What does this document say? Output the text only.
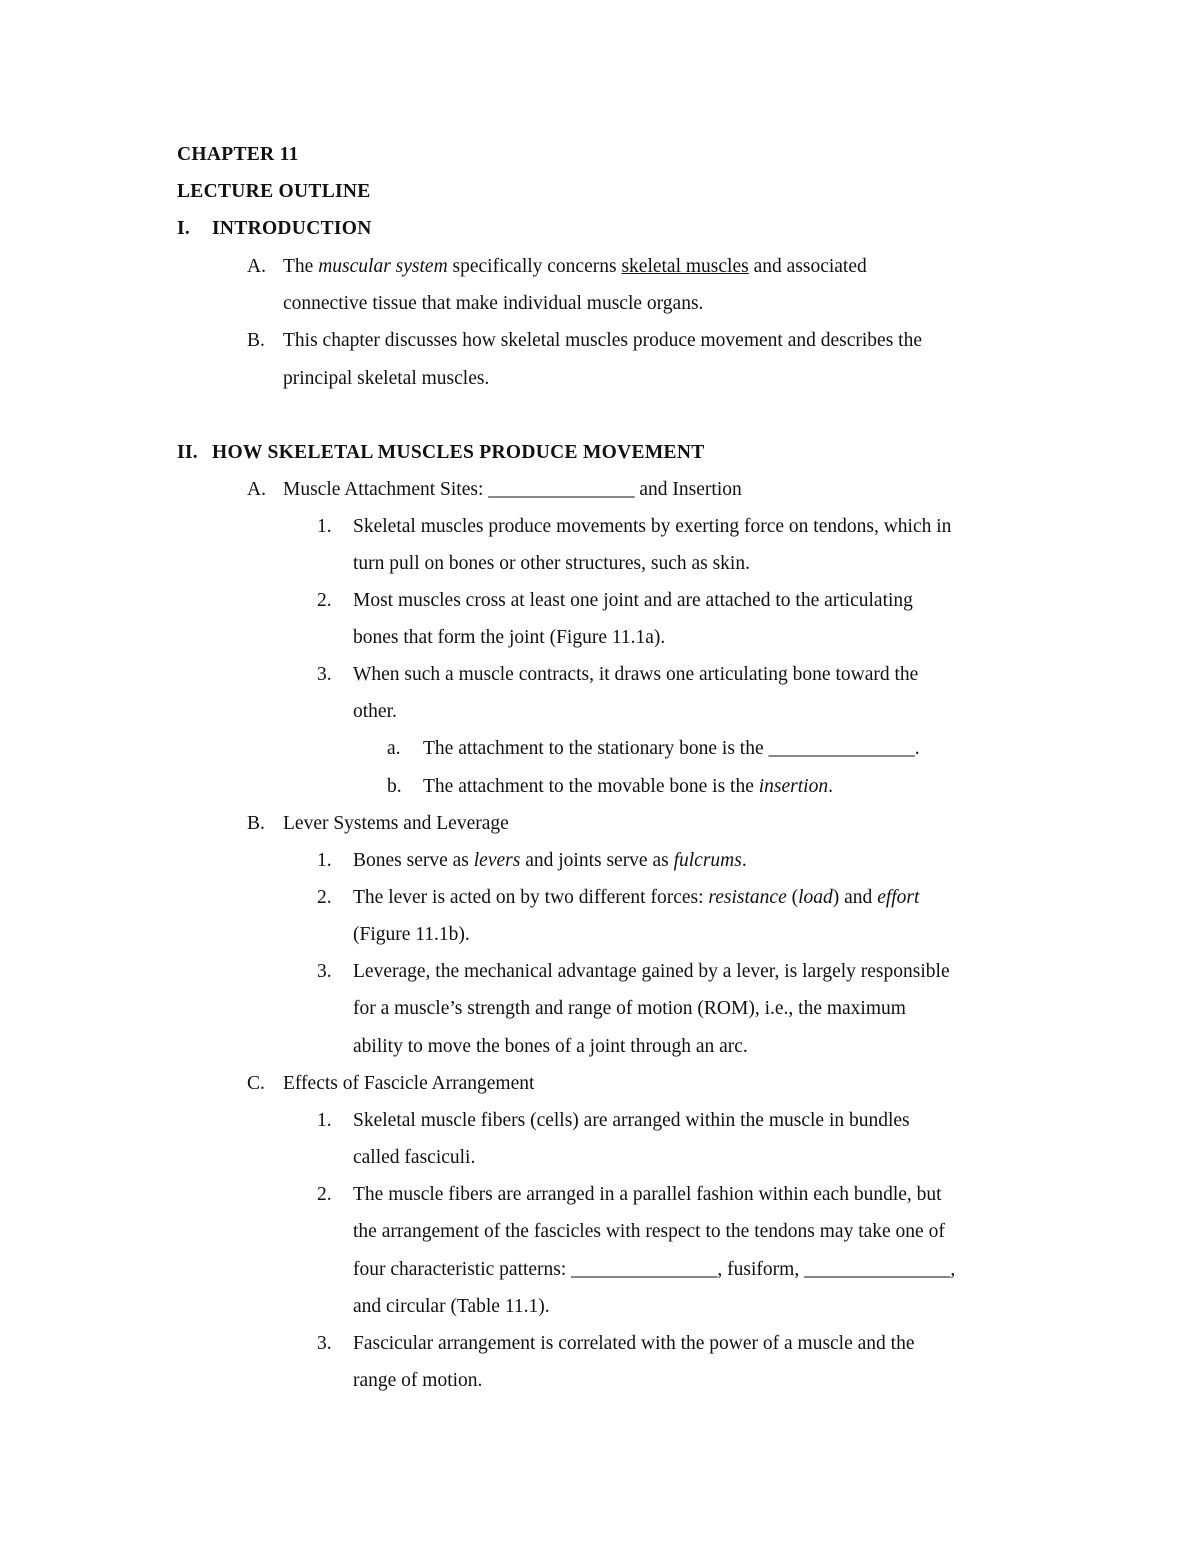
CHAPTER 11
LECTURE OUTLINE
I. INTRODUCTION
A. The muscular system specifically concerns skeletal muscles and associated
connective tissue that make individual muscle organs.
B. This chapter discusses how skeletal muscles produce movement and describes the
principal skeletal muscles.
II. HOW SKELETAL MUSCLES PRODUCE MOVEMENT
A. Muscle Attachment Sites: _______________ and Insertion
1. Skeletal muscles produce movements by exerting force on tendons, which in
turn pull on bones or other structures, such as skin.
2. Most muscles cross at least one joint and are attached to the articulating
bones that form the joint (Figure 11.1a).
3. When such a muscle contracts, it draws one articulating bone toward the
other.
a. The attachment to the stationary bone is the _______________.
b. The attachment to the movable bone is the insertion.
B. Lever Systems and Leverage
1. Bones serve as levers and joints serve as fulcrums.
2. The lever is acted on by two different forces: resistance (load) and effort
(Figure 11.1b).
3. Leverage, the mechanical advantage gained by a lever, is largely responsible
for a muscle’s strength and range of motion (ROM), i.e., the maximum
ability to move the bones of a joint through an arc.
C. Effects of Fascicle Arrangement
1. Skeletal muscle fibers (cells) are arranged within the muscle in bundles
called fasciculi.
2. The muscle fibers are arranged in a parallel fashion within each bundle, but
the arrangement of the fascicles with respect to the tendons may take one of
four characteristic patterns: _______________, fusiform, _______________,
and circular (Table 11.1).
3. Fascicular arrangement is correlated with the power of a muscle and the
range of motion.
